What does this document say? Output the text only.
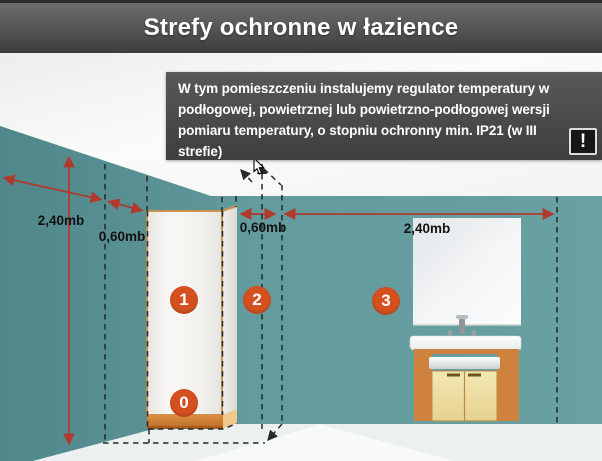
Strefy ochronne w łazience
W tym pomieszczeniu instalujemy regulator temperatury w
podłogowej, powietrznej lub powietrzno-podłogowej wersji
pomiaru temperatury, o stopniu ochronny min. IP21 (w III
strefie)	!
2,40mb
0,60mb
0,60mb	2,40mb
1	2	3
0
